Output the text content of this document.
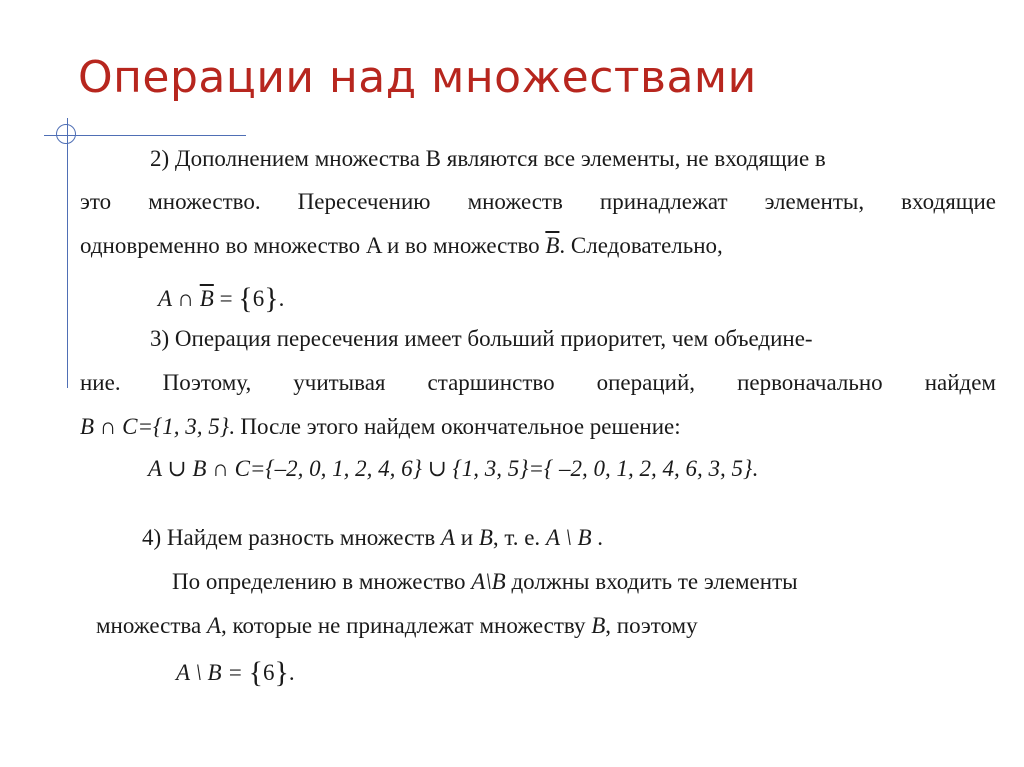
Операции над множествами
2) Дополнением множества B являются все элементы, не входящие в
это множество. Пересечению множеств принадлежат элементы, входящие
одновременно во множество A и во множество $\overline{B}$. Следовательно,
A ∩ $\overline{B} = \{6\}$.
3) Операция пересечения имеет больший приоритет, чем объедине-
ние. Поэтому, учитывая старшинство операций, первоначально найдем
B ∩ C={1, 3, 5}. После этого найдем окончательное решение:
A ∪ B ∩ C={–2, 0, 1, 2, 4, 6} ∪ {1, 3, 5}={ –2, 0, 1, 2, 4, 6, 3, 5}.
4) Найдем разность множеств A и B, т. е. A \ B .
По определению в множество A\B должны входить те элементы
множества A, которые не принадлежат множеству B, поэтому
A \ B = {6}.
